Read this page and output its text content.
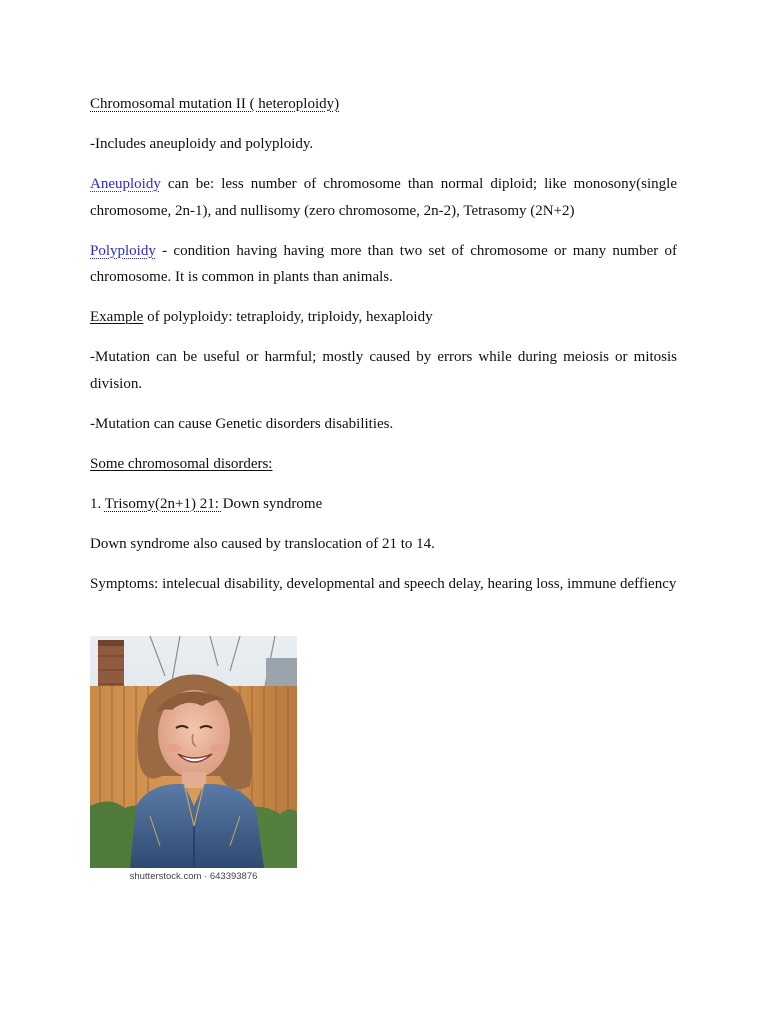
Chromosomal mutation II ( heteroploidy)

-Includes aneuploidy and polyploidy.

Aneuploidy can be: less number of chromosome than normal diploid; like monosony(single chromosome, 2n-1), and nullisomy (zero chromosome, 2n-2), Tetrasomy (2N+2)

Polyploidy - condition having having more than two set of chromosome or many number of chromosome. It is common in plants than animals.

Example of polyploidy: tetraploidy, triploidy, hexaploidy

-Mutation can be useful or harmful; mostly caused by errors while during meiosis or mitosis division.

-Mutation can cause Genetic disorders disabilities.

Some chromosomal disorders:

1. Trisomy(2n+1) 21: Down syndrome

Down syndrome also caused by translocation of 21 to 14.

Symptoms: intelecual disability, developmental and speech delay, hearing loss, immune deffiency

shutterstock.com · 643393876
